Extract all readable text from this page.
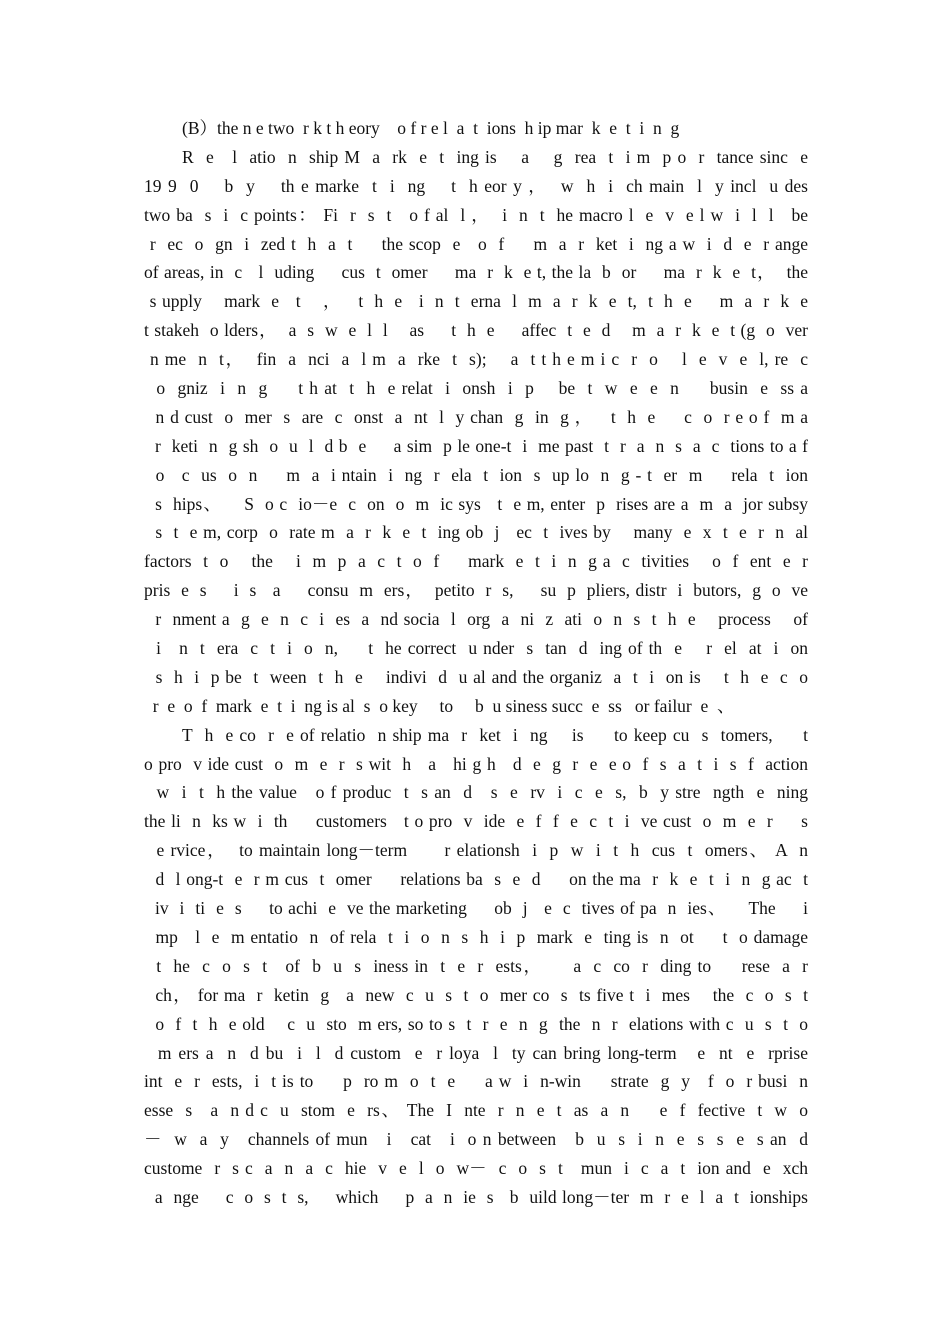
(B）the n e two  r k t h eory    o f r e l  a  t  ions  h ip mar  k  e  t  i  n  g
R  e   l  atio  n  ship M  a  rk  e  t  ing is    a    g  rea  t  i m  p o  r  tance sinc  e
19 9  0    b  y    th e marke  t  i  ng    t  h eor y ，  w  h  i  ch main  l  y incl  u des
two ba  s  i  c points： Fi  r  s  t   o f al  l ，  i  n  t  he macro l  e  v  e l w  i  l  l   be
r  ec  o  gn  i  zed t  h  a  t     the scop  e   o  f     m  a  r  ket  i  ng a w  i  d  e  r ange
of areas, in  c   l  uding     cus  t  omer     ma  r  k  e t, the la  b  or     ma  r  k  e  t，  the
s upply    mark  e   t    ，   t  h  e   i  n  t  erna  l  m  a  r  k  e  t,  t  h  e     m  a  r  k  e
t stakeh  o lders，  a  s  w  e  l  l    as     t  h  e     affec  t  e  d    m  a  r  k  e  t (g  o  ver
n me  n  t，  fin  a  nci  a  l m  a  rke  t  s);    a  t t h e m i c  r  o    l  e  v  e  l, re  c
o  gniz  i  n  g     t h at  t  h  e relat  i  onsh  i  p    be  t  w  e  e  n     busin  e  ss a
n d cust  o  mer  s  are  c  onst  a  nt  l  y chan  g  in  g ，   t  h  e     c  o  r e o f  m a
r  keti  n  g sh  o  u  l  d b  e     a sim  p le one-t  i  me past  t  r  a  n  s  a  c  tions to a f
o   c  us  o  n     m  a  i ntain  i  ng  r  ela  t  ion  s  up lo  n  g - t  er  m     rela  t  ion
s  hips、    S  o c  io－e  c  on  o  m  ic sys   t  e m, enter  p  rises are a  m  a  jor subsy
s  t  e m, corp  o  rate m  a  r  k  e  t  ing ob  j   ec  t  ives by    many  e  x  t  e  r  n  al
factors  t  o    the    i  m  p  a  c  t  o  f     mark  e  t  i  n  g a  c  tivities    o  f  ent  e  r
pris  e  s     i  s   a     consu  m  ers，  petito  r  s,     su  p  pliers, distr  i  butors,  g  o  ve
r  nment a  g  e  n  c  i  es  a  nd socia  l  org  a  ni  z  ati  o  n  s  t  h  e    process    of
i   n  t  era  c  t  i  o  n,     t  he correct  u nder  s  tan  d  ing of th  e    r  el  at  i  on
s  h  i  p be  t  ween  t  h  e    indivi  d  u al and the organiz  a  t  i  on is    t  h  e  c  o
r  e  o  f  mark  e  t  i  ng is al  s  o key     to     b  u siness succ  e  ss   or failur  e  、
T  h  e co  r  e of relatio  n ship ma  r  ket  i  ng    is     to keep cu  s  tomers,     t
o pro  v ide cust  o  m  e  r  s wit  h   a   hi g h   d  e  g  r  e  e o  f  s  a  t  i  s  f  action
w  i  t  h the value   o f produc  t  s an  d   s  e  rv  i  c  e  s,  b  y stre  ngth  e  ning
the li  n  ks w  i  th     customers   t o pro  v  ide  e  f  f  e  c  t  i  ve cust  o  m  e  r     s
e rvice，  to maintain long－term      r elationsh  i  p  w  i  t  h  cus  t  omers、 A  n
d  l ong-t  e  r m cus  t  omer     relations ba  s  e  d     on the ma  r  k  e  t  i  n  g ac  t
iv  i  ti  e  s     to achi  e  ve the marketing     ob  j   e  c  tives of pa  n  ies、    The     i
mp   l  e  m entatio  n  of rela  t  i  o  n  s  h  i  p  mark  e  ting is  n  ot     t  o damage
t  he  c  o  s  t   of  b  u  s  iness in  t  e  r  ests，     a  c  co  r  ding to     rese  a  r
ch， for ma  r  ketin  g   a  new  c  u  s  t  o  mer co  s  ts five t  i  mes    the  c  o  s  t
o  f  t  h  e old    c  u  sto  m ers, so to s  t  r  e  n  g  the  n  r  elations with c  u  s  t  o
m ers a  n  d bu  i  l  d custom  e  r loya  l  ty can bring long-term   e  nt  e  rprise
int  e  r  ests,  i  t is to     p  ro m  o  t  e     a w  i  n-win     strate  g  y   f  o  r busi  n
esse  s   a  n d c  u  stom  e  rs、 The  I  nte  r  n  e  t  as  a  n     e  f  fective  t  w  o
－  w  a  y   channels of mun   i   cat   i  o n between   b  u  s  i  n  e  s  s  e  s an  d
custome  r  s c  a  n  a  c  hie  v  e  l  o  w－  c  o  s  t   mun  i  c  a  t  ion and  e  xch
a  nge     c  o  s  t  s,     which     p  a  n  ie  s   b  uild long－ter  m  r  e  l  a  t  ionships
